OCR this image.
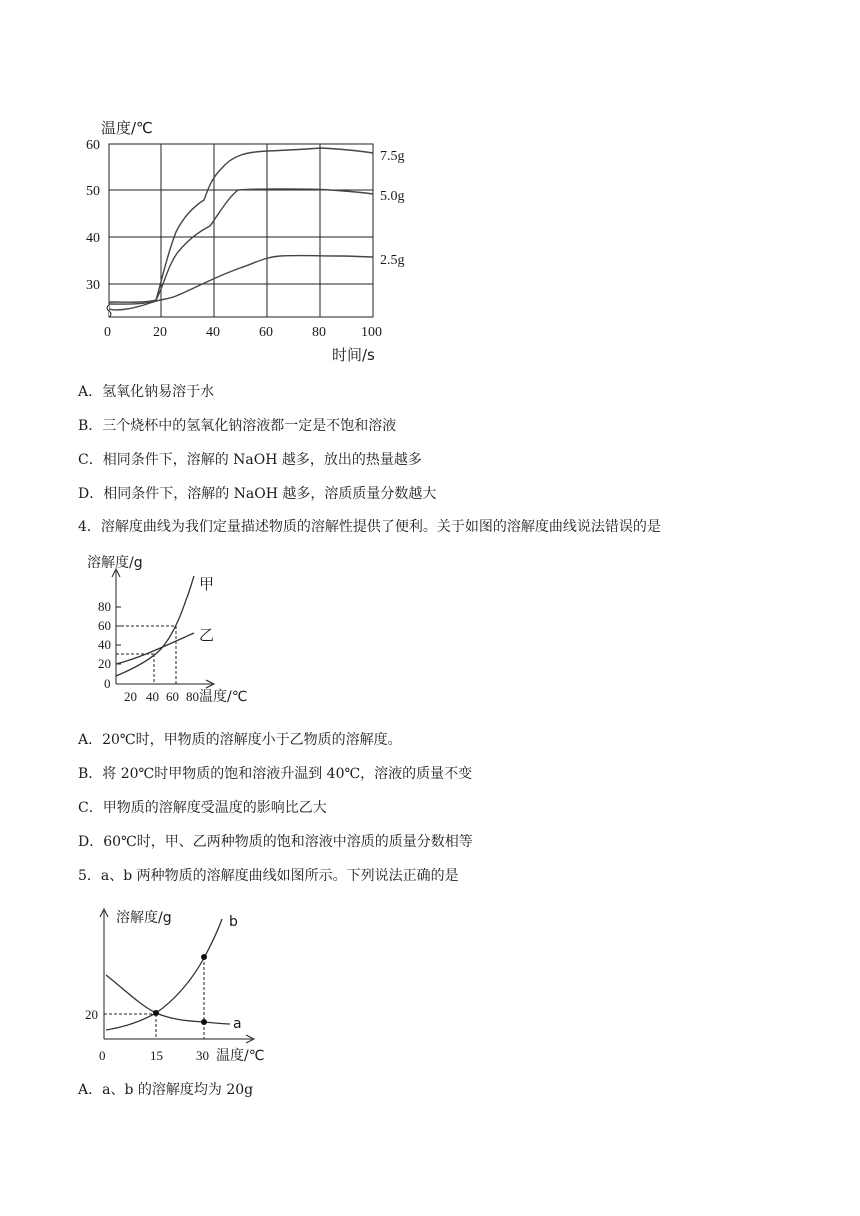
温度/℃
60
50
40
30
0	20	40	60	80	100
时间/s
7.5g
5.0g
2.5g
A．氢氧化钠易溶于水
B．三个烧杯中的氢氧化钠溶液都一定是不饱和溶液
C．相同条件下，溶解的 NaOH 越多，放出的热量越多
D．相同条件下，溶解的 NaOH 越多，溶质质量分数越大
4．溶解度曲线为我们定量描述物质的溶解性提供了便利。关于如图的溶解度曲线说法错误的是
溶解度/g
80
60
40
20
0
20 40 60 80 温度/℃
甲
乙
A．20℃时，甲物质的溶解度小于乙物质的溶解度。
B．将 20℃时甲物质的饱和溶液升温到 40℃，溶液的质量不变
C．甲物质的溶解度受温度的影响比乙大
D．60℃时，甲、乙两种物质的饱和溶液中溶质的质量分数相等
5．a、b 两种物质的溶解度曲线如图所示。下列说法正确的是
溶解度/g
20
0	15	30 温度/℃
b
a
A．a、b 的溶解度均为 20g
